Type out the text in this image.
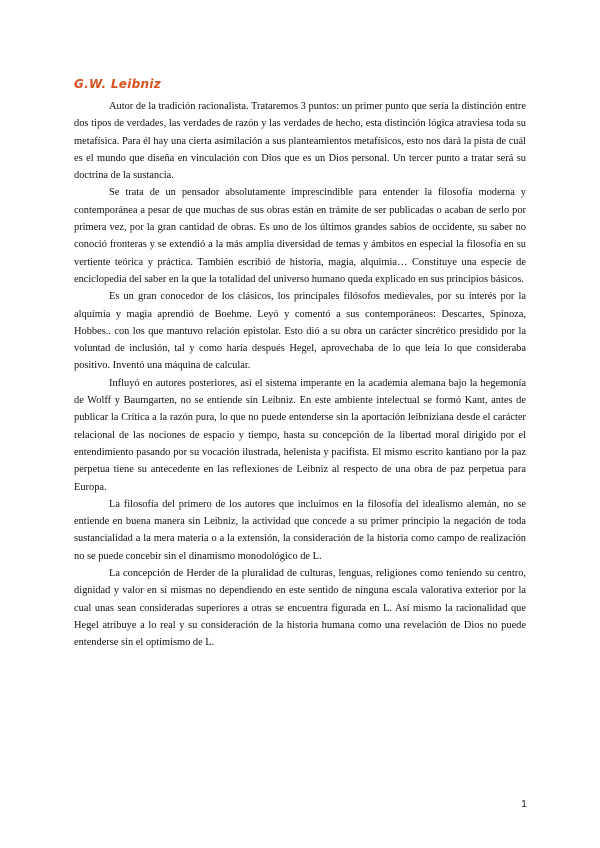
G.W. Leibniz

Autor de la tradición racionalista. Trataremos 3 puntos: un primer punto que sería la distinción entre dos tipos de verdades, las verdades de razón y las verdades de hecho, esta distinción lógica atraviesa toda su metafísica. Para él hay una cierta asimilación a sus planteamientos metafísicos, esto nos dará la pista de cuál es el mundo que diseña en vinculación con Dios que es un Dios personal. Un tercer punto a tratar será su doctrina de la sustancia.

Se trata de un pensador absolutamente imprescindible para entender la filosofía moderna y contemporánea a pesar de que muchas de sus obras están en trámite de ser publicadas o acaban de serlo por primera vez, por la gran cantidad de obras. Es uno de los últimos grandes sabios de occidente, su saber no conoció fronteras y se extendió a la más amplia diversidad de temas y ámbitos en especial la filosofía en su vertiente teórica y práctica. También escribió de historia, magia, alquimia… Constituye una especie de enciclopedia del saber en la que la totalidad del universo humano queda explicado en sus principios básicos.

Es un gran conocedor de los clásicos, los principales filósofos medievales, por su interés por la alquimia y magia aprendió de Boehme. Leyó y comentó a sus contemporáneos: Descartes, Spinoza, Hobbes.. con los que mantuvo relación epistolar. Esto dió a su obra un carácter sincrético presidido por la voluntad de inclusión, tal y como haría después Hegel, aprovechaba de lo que leía lo que consideraba positivo. Inventó una máquina de calcular.

Influyó en autores posteriores, así el sistema imperante en la academia alemana bajo la hegemonía de Wolff y Baumgarten, no se entiende sin Leibniz. En este ambiente intelectual se formó Kant, antes de publicar la Crítica a la razón pura, lo que no puede entenderse sin la aportación leibniziana desde el carácter relacional de las nociones de espacio y tiempo, hasta su concepción de la libertad moral dirigido por el entendimiento pasando por su vocación ilustrada, helenista y pacifista. El mismo escrito kantiano por la paz perpetua tiene su antecedente en las reflexiones de Leibniz al respecto de una obra de paz perpetua para Europa.

La filosofía del primero de los autores que incluimos en la filosofía del idealismo alemán, no se entiende en buena manera sin Leibniz, la actividad que concede a su primer principio la negación de toda sustancialidad a la mera materia o a la extensión, la consideración de la historia como campo de realización no se puede concebir sin el dinamismo monodológico de L.

La concepción de Herder de la pluralidad de culturas, lenguas, religiones como teniendo su centro, dignidad y valor en sí mismas no dependiendo en este sentido de ninguna escala valorativa exterior por la cual unas sean consideradas superiores a otras se encuentra figurada en L. Así mismo la racionalidad que Hegel atribuye a lo real y su consideración de la historia humana como una revelación de Dios no puede entenderse sin el optimismo de L.

1
